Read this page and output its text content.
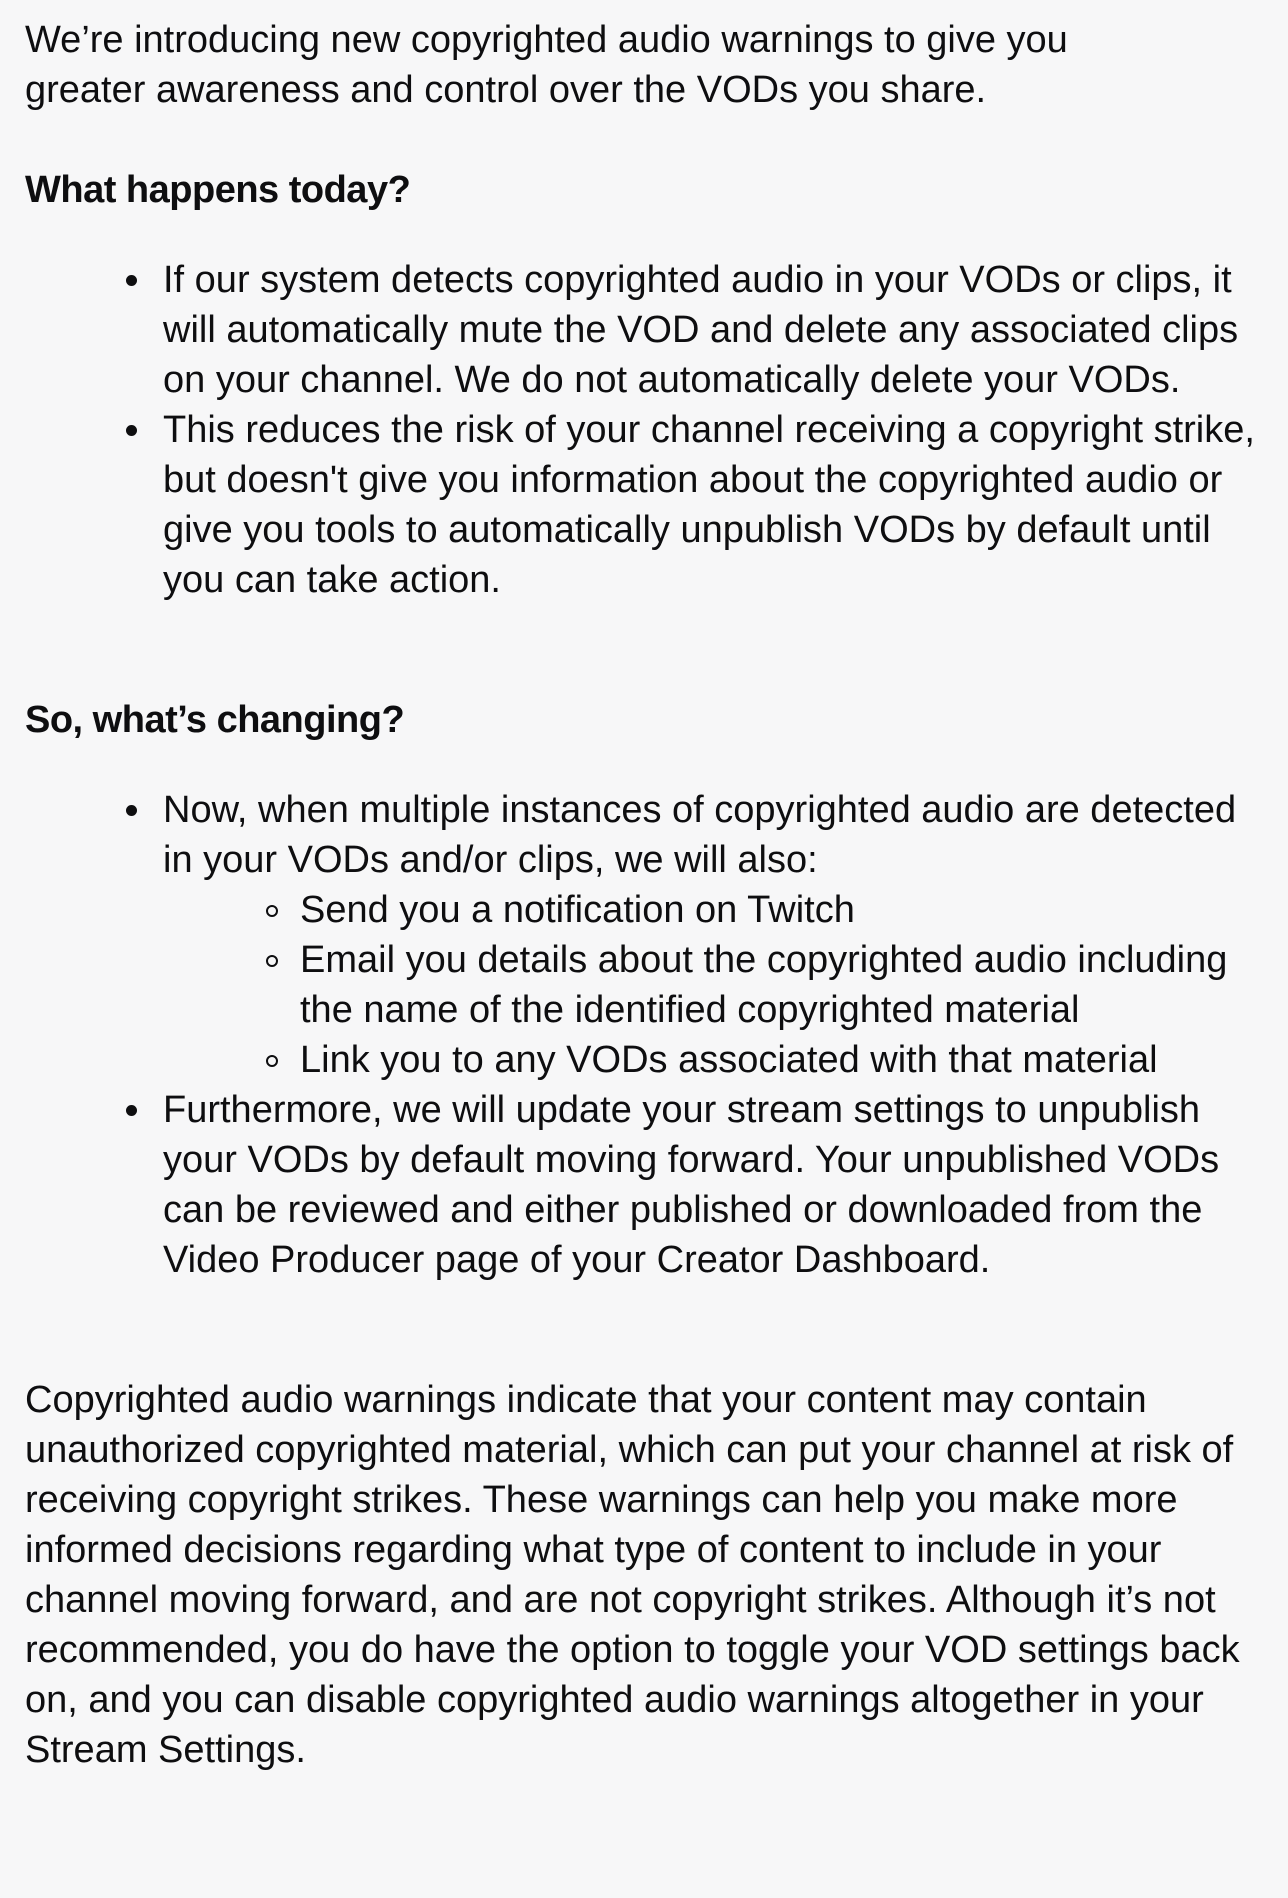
We’re introducing new copyrighted audio warnings to give you greater awareness and control over the VODs you share.

What happens today?
If our system detects copyrighted audio in your VODs or clips, it will automatically mute the VOD and delete any associated clips on your channel. We do not automatically delete your VODs.
This reduces the risk of your channel receiving a copyright strike, but doesn't give you information about the copyrighted audio or give you tools to automatically unpublish VODs by default until you can take action.
So, what’s changing?
Now, when multiple instances of copyrighted audio are detected in your VODs and/or clips, we will also:
Send you a notification on Twitch
Email you details about the copyrighted audio including the name of the identified copyrighted material
Link you to any VODs associated with that material
Furthermore, we will update your stream settings to unpublish your VODs by default moving forward. Your unpublished VODs can be reviewed and either published or downloaded from the Video Producer page of your Creator Dashboard.

Copyrighted audio warnings indicate that your content may contain unauthorized copyrighted material, which can put your channel at risk of receiving copyright strikes. These warnings can help you make more informed decisions regarding what type of content to include in your channel moving forward, and are not copyright strikes. Although it’s not recommended, you do have the option to toggle your VOD settings back on, and you can disable copyrighted audio warnings altogether in your Stream Settings.
